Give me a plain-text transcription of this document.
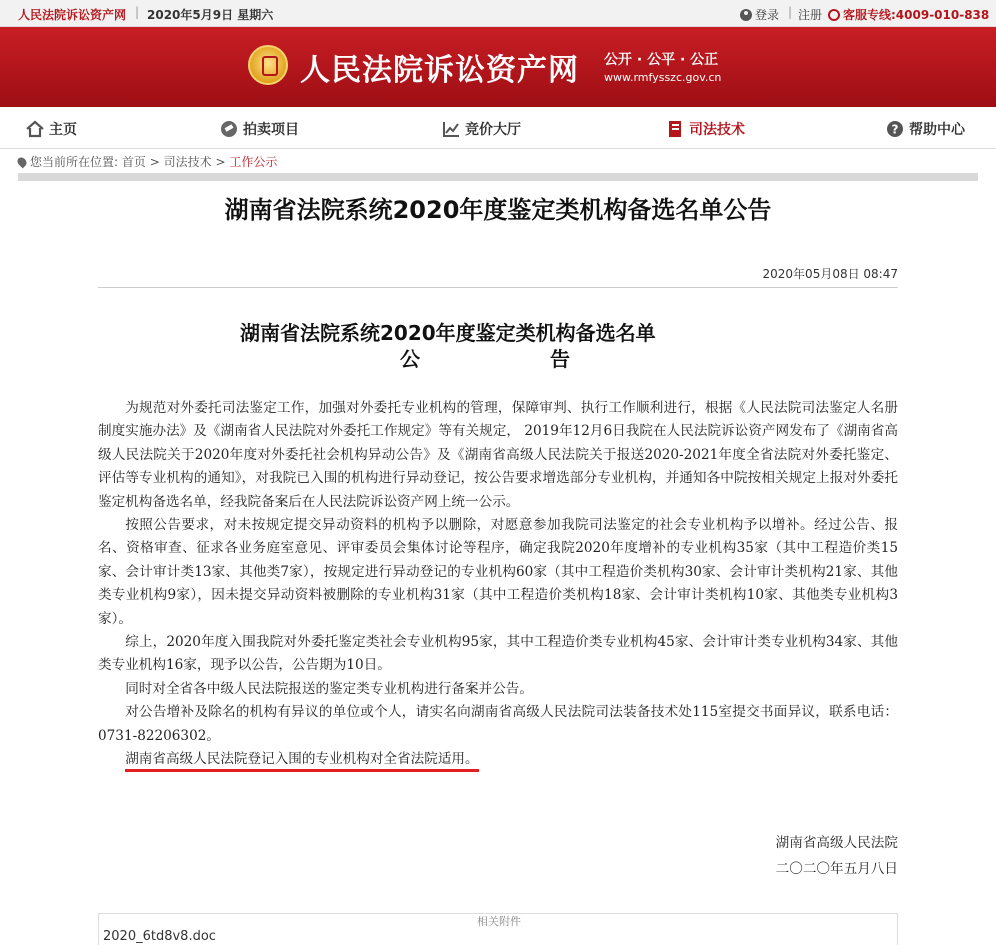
人民法院诉讼资产网 | 2020年5月9日 星期六	登录 | 注册	客服专线:4009-010-838
人民法院诉讼资产网 公开 · 公平 · 公正
www.rmfysszc.gov.cn
主页	拍卖项目	竞价大厅	司法技术	? 帮助中心
您当前所在位置: 首页 > 司法技术 > 工作公示
湖南省法院系统2020年度鉴定类机构备选名单公告
2020年05月08日 08:47
湖南省法院系统2020年度鉴定类机构备选名单
公告

为规范对外委托司法鉴定工作，加强对外委托专业机构的管理，保障审判、执行工作顺利进行，根据《人民法院司法鉴定人名册制度实施办法》及《湖南省人民法院对外委托工作规定》等有关规定， 2019年12月6日我院在人民法院诉讼资产网发布了《湖南省高级人民法院关于2020年度对外委托社会机构异动公告》及《湖南省高级人民法院关于报送2020-2021年度全省法院对外委托鉴定、评估等专业机构的通知》，对我院已入围的机构进行异动登记，按公告要求增选部分专业机构，并通知各中院按相关规定上报对外委托鉴定机构备选名单，经我院备案后在人民法院诉讼资产网上统一公示。

按照公告要求，对未按规定提交异动资料的机构予以删除，对愿意参加我院司法鉴定的社会专业机构予以增补。经过公告、报名、资格审查、征求各业务庭室意见、评审委员会集体讨论等程序，确定我院2020年度增补的专业机构35家（其中工程造价类15家、会计审计类13家、其他类7家），按规定进行异动登记的专业机构60家（其中工程造价类机构30家、会计审计类机构21家、其他类专业机构9家），因未提交异动资料被删除的专业机构31家（其中工程造价类机构18家、会计审计类机构10家、其他类专业机构3家）。

综上，2020年度入围我院对外委托鉴定类社会专业机构95家，其中工程造价类专业机构45家、会计审计类专业机构34家、其他类专业机构16家，现予以公告，公告期为10日。

同时对全省各中级人民法院报送的鉴定类专业机构进行备案并公告。

对公告增补及除名的机构有异议的单位或个人，请实名向湖南省高级人民法院司法装备技术处115室提交书面异议，联系电话：0731-82206302。

湖南省高级人民法院登记入围的专业机构对全省法院适用。

湖南省高级人民法院
二〇二〇年五月八日
相关附件
2020_6td8v8.doc
